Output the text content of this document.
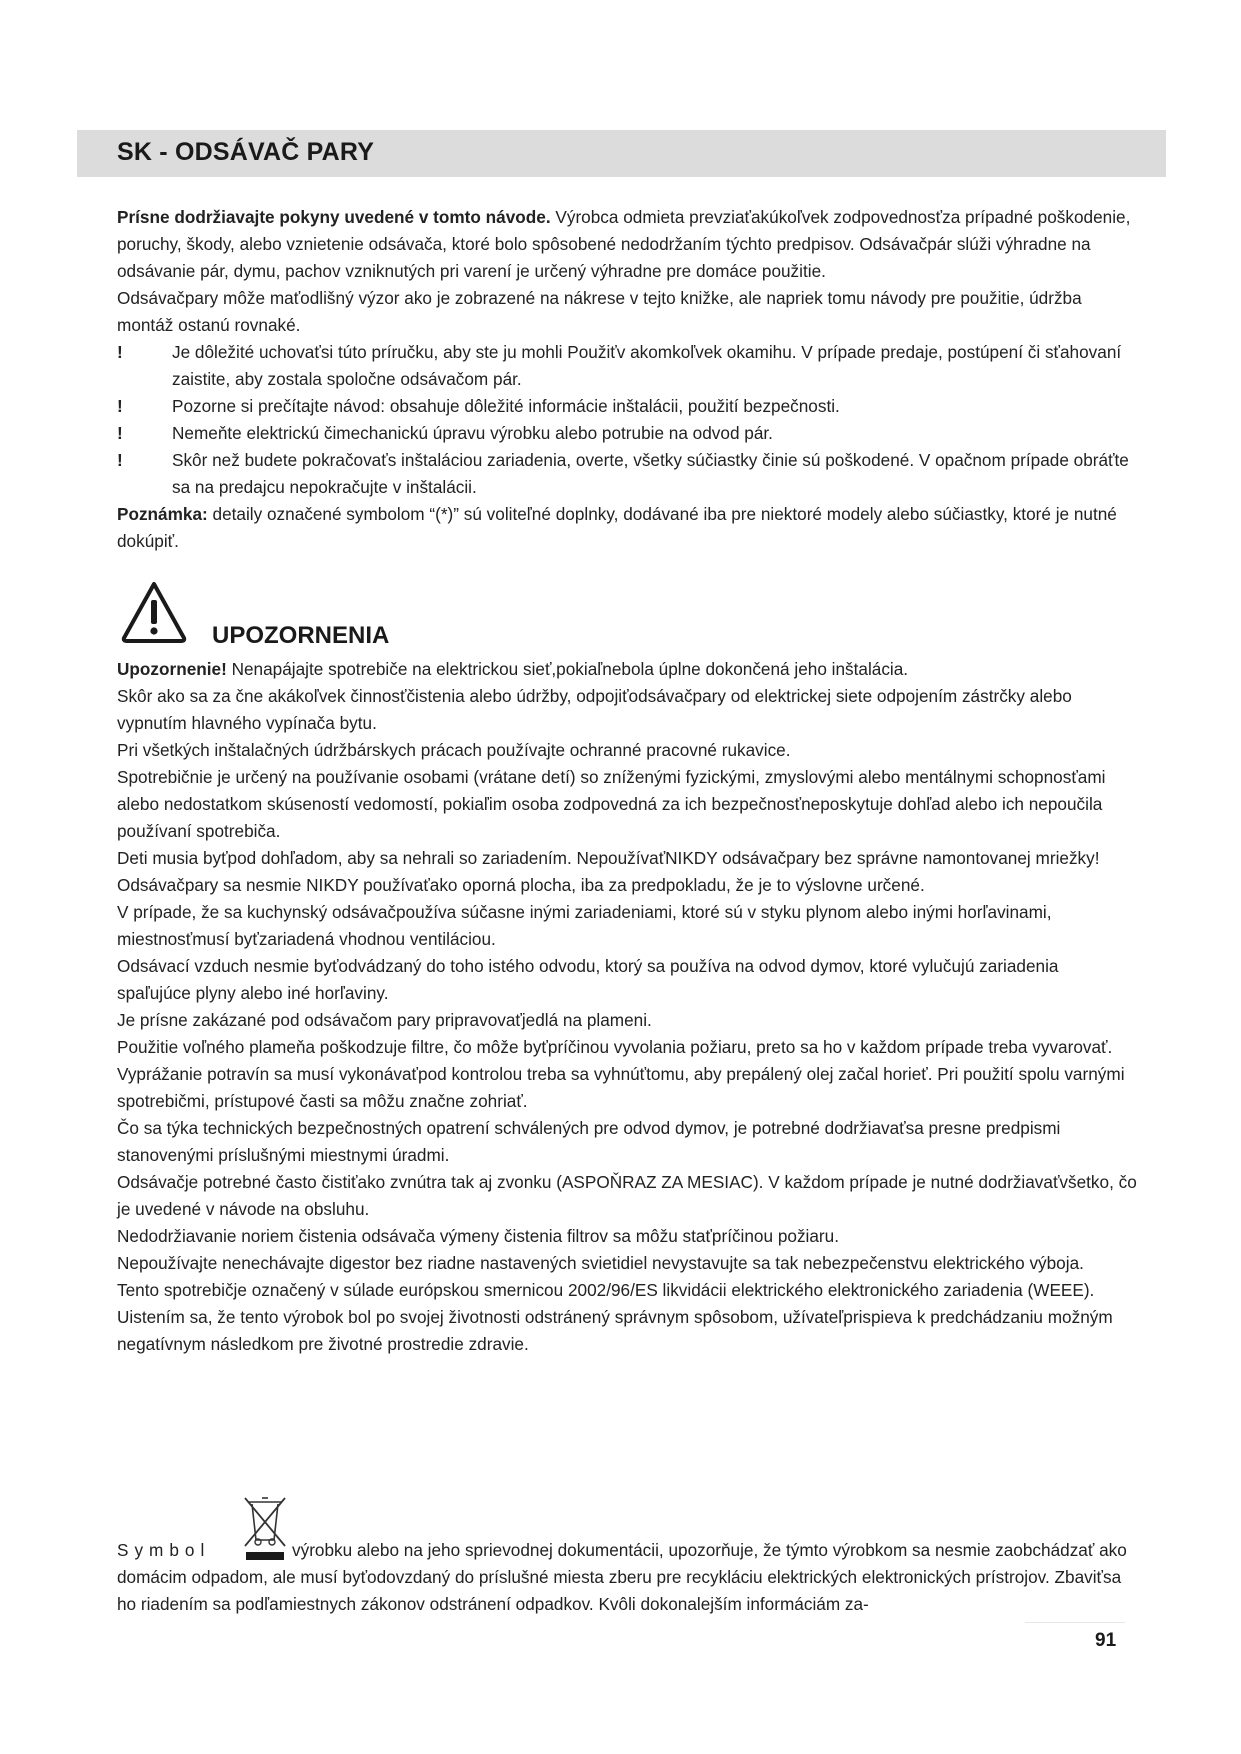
SK - ODSÁVAČ PARY

Prísne dodržiavajte pokyny uvedené v tomto návode. Výrobca odmieta prevziaťakúkoľvek zodpovednosťza prípadné poškodenie, poruchy, škody, alebo vznietenie odsávača, ktoré bolo spôsobené nedodržaním týchto predpisov. Odsávačpár slúži výhradne na odsávanie pár, dymu, pachov vzniknutých pri varení je určený výhradne pre domáce použitie.

Odsávačpary môže maťodlišný výzor ako je zobrazené na nákrese v tejto knižke, ale napriek tomu návody pre použitie, údržba montáž ostanú rovnaké.

!	Je dôležité uchovaťsi túto príručku, aby ste ju mohli Použiťv akomkoľvek okamihu. V prípade predaje, postúpení či sťahovaní zaistite, aby zostala spoločne odsávačom pár.

!	Pozorne si prečítajte návod: obsahuje dôležité informácie inštalácii, použití bezpečnosti.

!	Nemeňte elektrickú čimechanickú úpravu výrobku alebo potrubie na odvod pár.

!	Skôr než budete pokračovaťs inštaláciou zariadenia, overte, všetky súčiastky činie sú poškodené. V opačnom prípade obráťte sa na predajcu nepokračujte v inštalácii.

Poznámka: detaily označené symbolom “(*)” sú voliteľné doplnky, dodávané iba pre niektoré modely alebo súčiastky, ktoré je nutné dokúpiť.

UPOZORNENIA

Upozornenie! Nenapájajte spotrebiče na elektrickou sieť,pokiaľnebola úplne dokončená jeho inštalácia.

Skôr ako sa za čne akákoľvek činnosťčistenia alebo údržby, odpojiťodsávačpary od elektrickej siete odpojením zástrčky alebo vypnutím hlavného vypínača bytu.

Pri všetkých inštalačných údržbárskych prácach používajte ochranné pracovné rukavice.

Spotrebičnie je určený na používanie osobami (vrátane detí) so zníženými fyzickými, zmyslovými alebo mentálnymi schopnosťami alebo nedostatkom skúseností vedomostí, pokiaľim osoba zodpovedná za ich bezpečnosťneposkytuje dohľad alebo ich nepoučila používaní spotrebiča.

Deti musia byťpod dohľadom, aby sa nehrali so zariadením. NepoužívaťNIKDY odsávačpary bez správne namontovanej mriežky!

Odsávačpary sa nesmie NIKDY používaťako oporná plocha, iba za predpokladu, že je to výslovne určené.

V prípade, že sa kuchynský odsávačpoužíva súčasne inými zariadeniami, ktoré sú v styku plynom alebo inými horľavinami, miestnosťmusí byťzariadená vhodnou ventiláciou.

Odsávací vzduch nesmie byťodvádzaný do toho istého odvodu, ktorý sa používa na odvod dymov, ktoré vylučujú zariadenia spaľujúce plyny alebo iné horľaviny.

Je prísne zakázané pod odsávačom pary pripravovaťjedlá na plameni.

Použitie voľného plameňa poškodzuje filtre, čo môže byťpríčinou vyvolania požiaru, preto sa ho v každom prípade treba vyvarovať.

Vyprážanie potravín sa musí vykonávaťpod kontrolou treba sa vyhnúťtomu, aby prepálený olej začal horieť. Pri použití spolu varnými spotrebičmi, prístupové časti sa môžu značne zohriať.

Čo sa týka technických bezpečnostných opatrení schválených pre odvod dymov, je potrebné dodržiavaťsa presne predpismi stanovenými príslušnými miestnymi úradmi.

Odsávačje potrebné často čistiťako zvnútra tak aj zvonku (ASPOŇRAZ ZA MESIAC). V každom prípade je nutné dodržiavaťvšetko, čo je uvedené v návode na obsluhu.

Nedodržiavanie noriem čistenia odsávača výmeny čistenia filtrov sa môžu staťpríčinou požiaru.

Nepoužívajte nenechávajte digestor bez riadne nastavených svietidiel nevystavujte sa tak nebezpečenstvu elektrického výboja.

Tento spotrebičje označený v súlade európskou smernicou 2002/96/ES likvidácii elektrického elektronického zariadenia (WEEE).

Uistením sa, že tento výrobok bol po svojej životnosti odstránený správnym spôsobom, užívateľprispieva k predchádzaniu možným negatívnym následkom pre životné prostredie zdravie.

Symbol	výrobku alebo na jeho sprievodnej dokumentácii, upozorňuje, že týmto výrobkom sa nesmie zaobchádzať ako domácim odpadom, ale musí byťodovzdaný do príslušné miesta zberu pre recykláciu elektrických elektronických prístrojov. Zbaviťsa ho riadením sa podľamiestnych zákonov odstránení odpadkov. Kvôli dokonalejším informáciám za-

91
